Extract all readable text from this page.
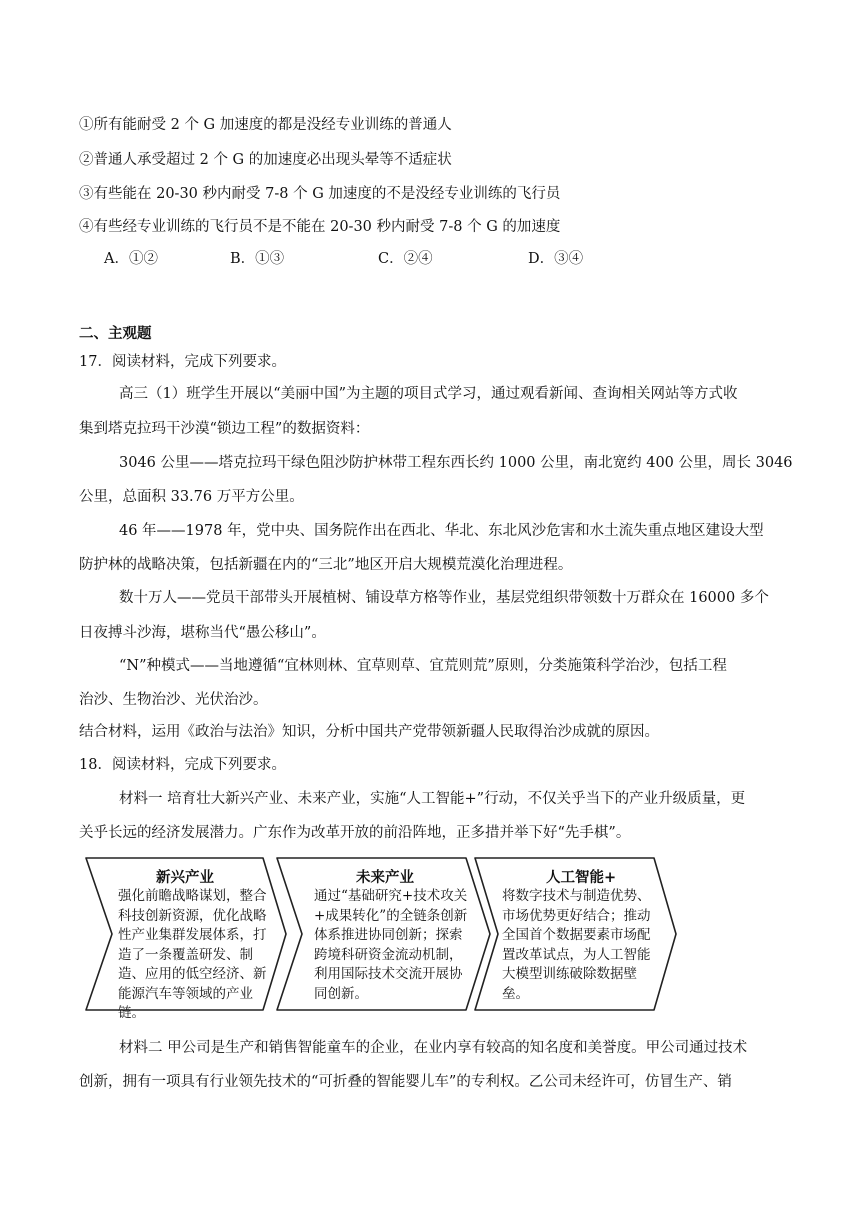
①所有能耐受 2 个 G 加速度的都是没经专业训练的普通人
②普通人承受超过 2 个 G 的加速度必出现头晕等不适症状
③有些能在 20-30 秒内耐受 7-8 个 G 加速度的不是没经专业训练的飞行员
④有些经专业训练的飞行员不是不能在 20-30 秒内耐受 7-8 个 G 的加速度
A．①②	B．①③	C．②④	D．③④
二、主观题
17．阅读材料，完成下列要求。
高三（1）班学生开展以“美丽中国”为主题的项目式学习，通过观看新闻、查询相关网站等方式收
集到塔克拉玛干沙漠“锁边工程”的数据资料：
3046 公里——塔克拉玛干绿色阻沙防护林带工程东西长约 1000 公里，南北宽约 400 公里，周长 3046
公里，总面积 33.76 万平方公里。
46 年——1978 年，党中央、国务院作出在西北、华北、东北风沙危害和水土流失重点地区建设大型
防护林的战略决策，包括新疆在内的“三北”地区开启大规模荒漠化治理进程。
数十万人——党员干部带头开展植树、铺设草方格等作业，基层党组织带领数十万群众在 16000 多个
日夜搏斗沙海，堪称当代“愚公移山”。
“N”种模式——当地遵循“宜林则林、宜草则草、宜荒则荒”原则，分类施策科学治沙，包括工程
治沙、生物治沙、光伏治沙。
结合材料，运用《政治与法治》知识，分析中国共产党带领新疆人民取得治沙成就的原因。
18．阅读材料，完成下列要求。
材料一 培育壮大新兴产业、未来产业，实施“人工智能+”行动，不仅关乎当下的产业升级质量，更
关乎长远的经济发展潜力。广东作为改革开放的前沿阵地，正多措并举下好“先手棋”。
新兴产业
强化前瞻战略谋划，整合科技创新资源，优化战略性产业集群发展体系，打造了一条覆盖研发、制造、应用的低空经济、新能源汽车等领域的产业链。
未来产业
通过“基础研究+技术攻关+成果转化”的全链条创新体系推进协同创新；探索跨境科研资金流动机制，利用国际技术交流开展协同创新。
人工智能+
将数字技术与制造优势、市场优势更好结合；推动全国首个数据要素市场配置改革试点，为人工智能大模型训练破除数据壁垒。
材料二 甲公司是生产和销售智能童车的企业，在业内享有较高的知名度和美誉度。甲公司通过技术
创新，拥有一项具有行业领先技术的“可折叠的智能婴儿车”的专利权。乙公司未经许可，仿冒生产、销
